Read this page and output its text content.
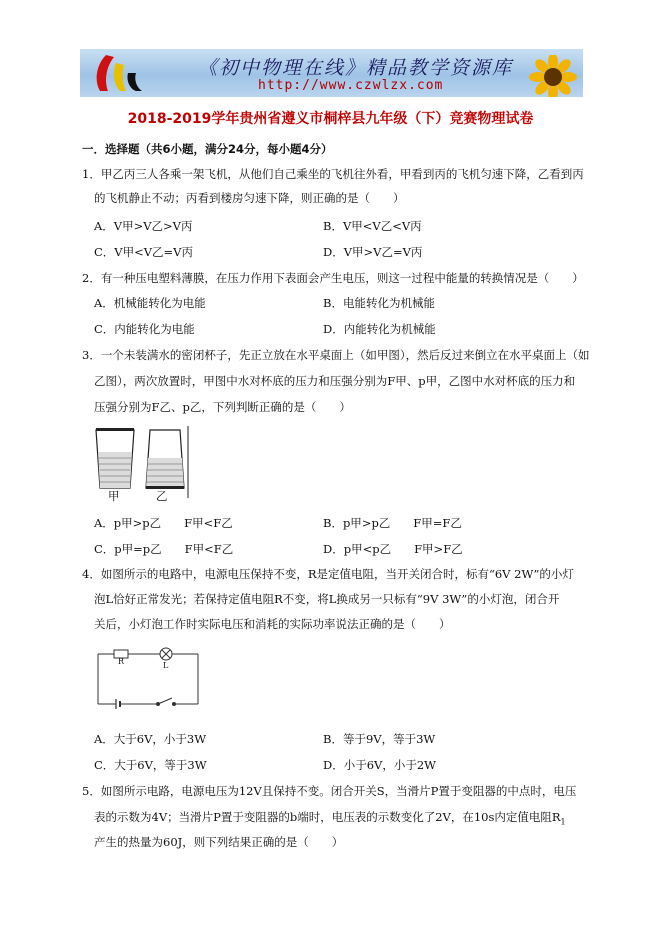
《初中物理在线》精品教学资源库
http://www.czwlzx.com
2018-2019学年贵州省遵义市桐梓县九年级（下）竞赛物理试卷
一．选择题（共6小题，满分24分，每小题4分）
1．甲乙丙三人各乘一架飞机，从他们自己乘坐的飞机往外看，甲看到丙的飞机匀速下降，乙看到丙
的飞机静止不动；丙看到楼房匀速下降，则正确的是（　　）
A．V甲>V乙>V丙	B．V甲<V乙<V丙
C．V甲<V乙=V丙	D．V甲>V乙=V丙
2．有一种压电塑料薄膜，在压力作用下表面会产生电压，则这一过程中能量的转换情况是（　　）
A．机械能转化为电能	B．电能转化为机械能
C．内能转化为电能	D．内能转化为机械能
3．一个未装满水的密闭杯子，先正立放在水平桌面上（如甲图），然后反过来倒立在水平桌面上（如
乙图），两次放置时，甲图中水对杯底的压力和压强分别为F甲、p甲，乙图中水对杯底的压力和
压强分别为F乙、p乙，下列判断正确的是（　　）
甲	乙
A．p甲>p乙　　F甲<F乙	B．p甲>p乙　　F甲=F乙
C．p甲=p乙　　F甲<F乙	D．p甲<p乙　　F甲>F乙
4．如图所示的电路中，电源电压保持不变，R是定值电阻，当开关闭合时，标有“6V 2W”的小灯
泡L恰好正常发光；若保持定值电阻R不变，将L换成另一只标有“9V 3W”的小灯泡，闭合开
关后，小灯泡工作时实际电压和消耗的实际功率说法正确的是（　　）
R	L
A．大于6V，小于3W	B．等于9V，等于3W
C．大于6V，等于3W	D．小于6V，小于2W
5．如图所示电路，电源电压为12V且保持不变。闭合开关S，当滑片P置于变阻器的中点时，电压
表的示数为4V；当滑片P置于变阻器的b端时，电压表的示数变化了2V，在10s内定值电阻$R_1$
产生的热量为60J，则下列结果正确的是（　　）
